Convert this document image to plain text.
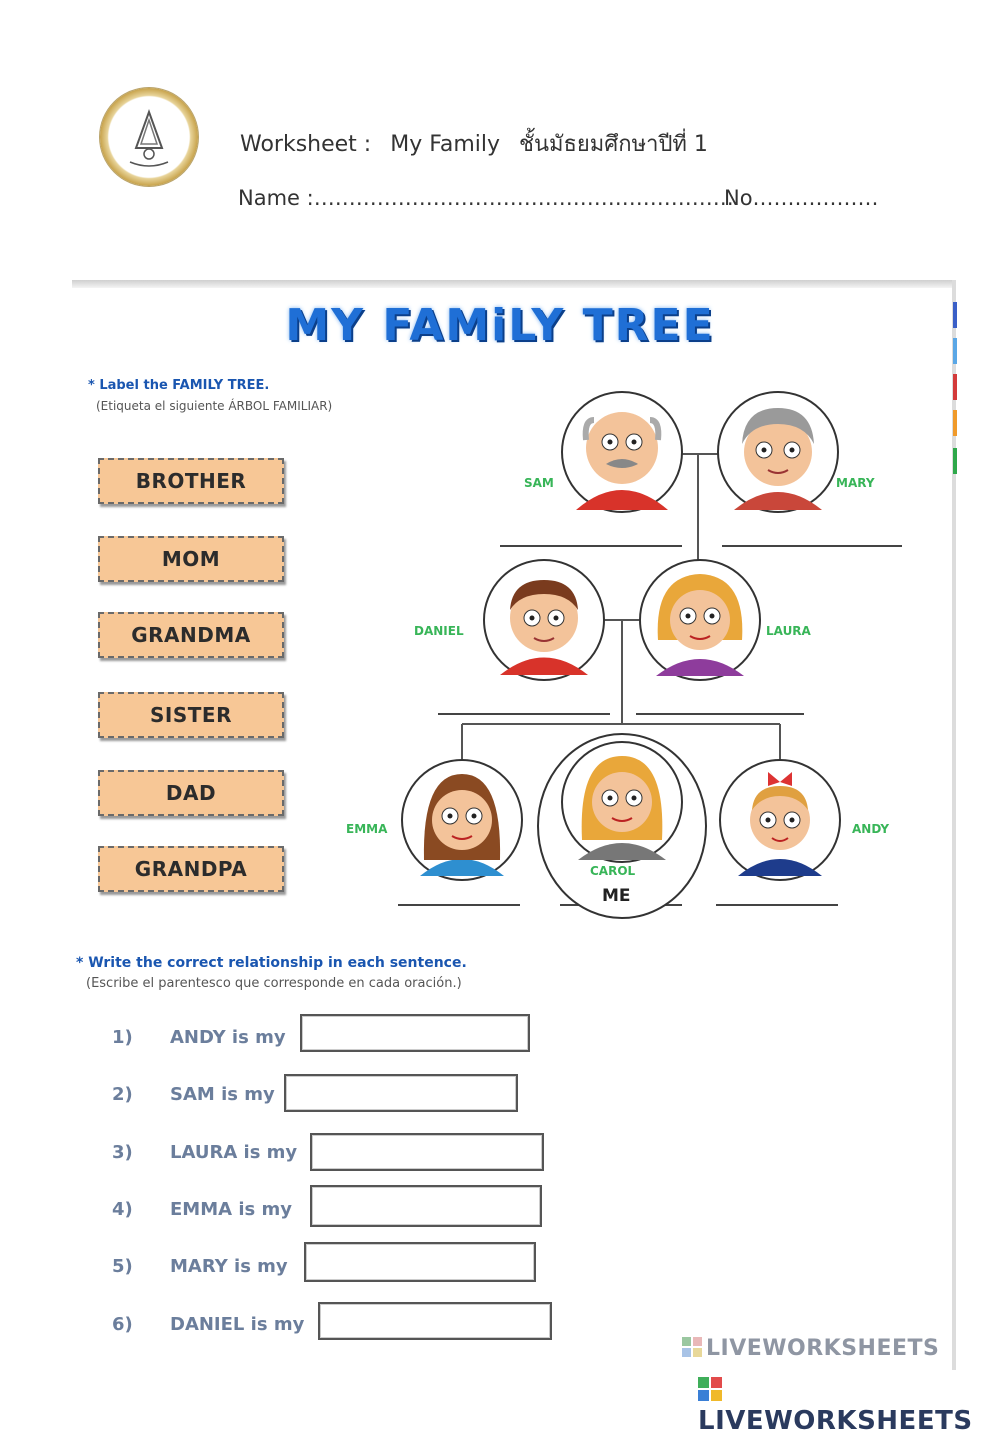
Worksheet : My Family ชั้นมัธยมศึกษาปีที่ 1
Name :……………………………………………………
No………………
MY FAMiLY TREE
* Label the FAMILY TREE.
(Etiqueta el siguiente ÁRBOL FAMILIAR)
BROTHER
MOM
GRANDMA
SISTER
DAD
GRANDPA
SAM	MARY
DANIEL	LAURA
EMMA
CAROL
ME
ANDY
* Write the correct relationship in each sentence.
(Escribe el parentesco que corresponde en cada oración.)
1) ANDY is my
2) SAM is my
3) LAURA is my
4) EMMA is my
5) MARY is my
6) DANIEL is my
LIVEWORKSHEETS
LIVEWORKSHEETS
